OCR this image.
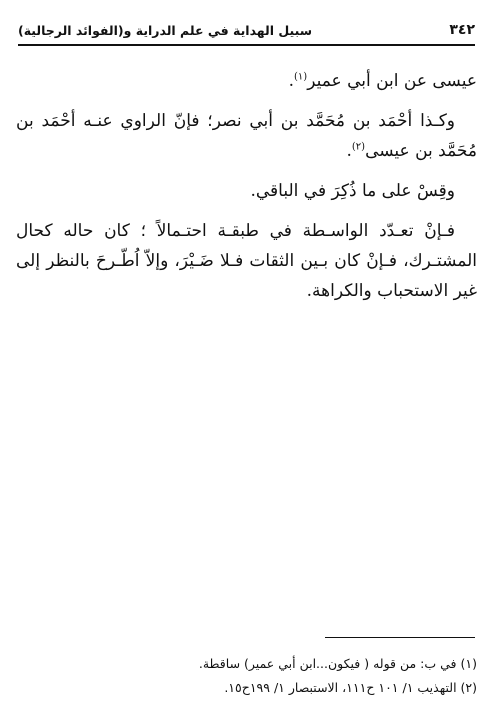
٣٤٢
سبيل الهداية في علم الدراية و(الفوائد الرجالية)

عيسى عن ابن أبي عمير$^{(١)}$.

وكـذا أحْمَد بن مُحَمَّد بن أبي نصر؛ فإنّ الراوي عنـه أحْمَد بن مُحَمَّد بن عيسى$^{(٢)}$.

وقِسْ على ما ذُكِرَ في الباقي.

فـإنْ تعـدّد الواسـطة في طبقـة احتـمالاً ؛ كان حاله كحال المشتـرك، فـإنْ كان بـين الثقات فـلا ضَـيْرَ، وإلاّ اُطّـرحَ بالنظر إلى غير الاستحباب والكراهة.

(١) في ب: من قوله ( فيكون...ابن أبي عمير) ساقطة.
(٢) التهذيب ١/ ١٠١ ح١١١، الاستبصار ١/ ١٩٩ح١٥.
